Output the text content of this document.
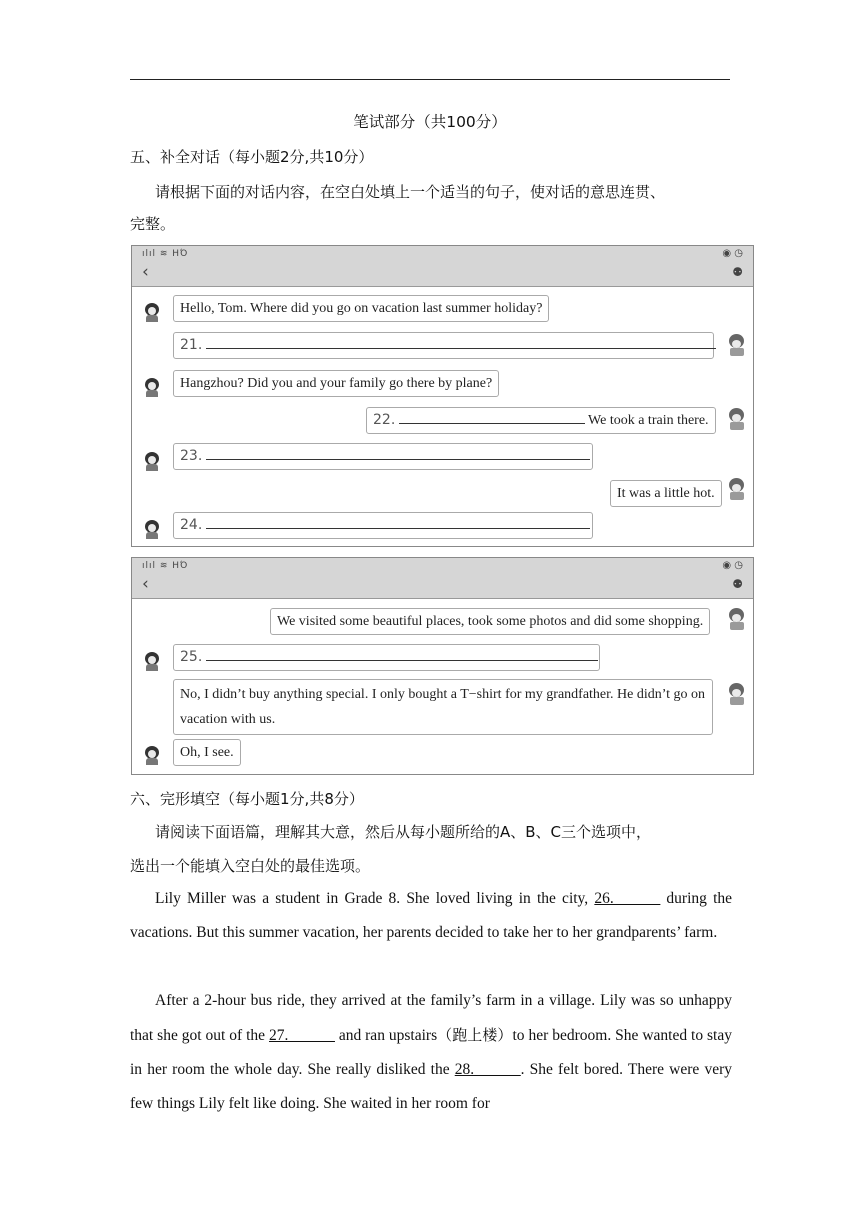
笔试部分（共100分）
五、补全对话（每小题2分,共10分）
请根据下面的对话内容，在空白处填上一个适当的句子，使对话的意思连贯、
完整。
ılıl ≋ ΗΌ	◉ ◷
‹	⚉
Hello, Tom. Where did you go on vacation last summer holiday?
21.
Hangzhou? Did you and your family go there by plane?
22.	We took a train there.
23.
It was a little hot.
24.
ılıl ≋ ΗΌ	◉ ◷
‹	⚉
We visited some beautiful places, took some photos and did some shopping.
25.
No, I didn’t buy anything special. I only bought a T−shirt for my grandfather. He didn’t go on vacation with us.
Oh, I see.
六、完形填空（每小题1分,共8分）
请阅读下面语篇，理解其大意，然后从每小题所给的A、B、C三个选项中，
选出一个能填入空白处的最佳选项。
Lily Miller was a student in Grade 8. She loved living in the city, 26.______ during the vacations. But this summer vacation, her parents decided to take her to her grandparents’ farm.
After a 2-hour bus ride, they arrived at the family’s farm in a village. Lily was so unhappy that she got out of the 27.______ and ran upstairs（跑上楼）to her bedroom. She wanted to stay in her room the whole day. She really disliked the 28.______. She felt bored. There were very few things Lily felt like doing. She waited in her room for
